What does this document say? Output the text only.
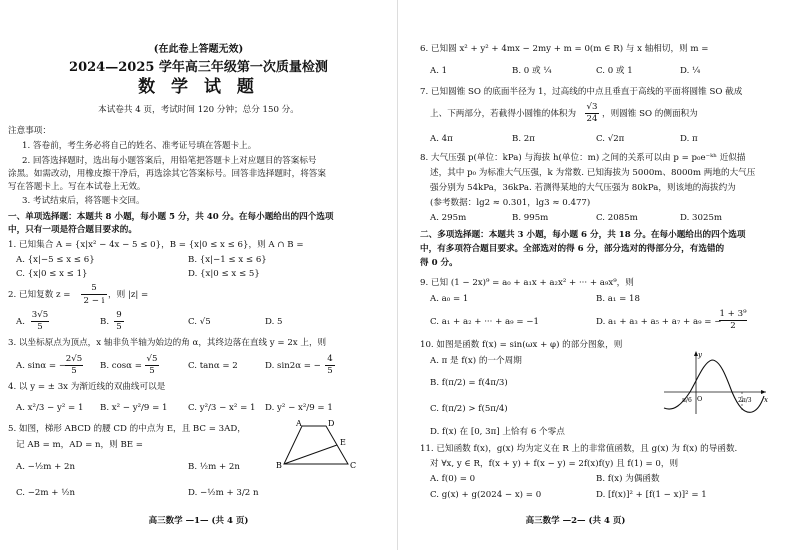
(在此卷上答题无效)
2024—2025 学年高三年级第一次质量检测
数 学 试 题
本试卷共 4 页，考试时间 120 分钟；总分 150 分。
注意事项：
1. 答卷前，考生务必将自己的姓名、准考证号填在答题卡上。
2. 回答选择题时，选出每小题答案后，用铅笔把答题卡上对应题目的答案标号
涂黑。如需改动，用橡皮擦干净后，再选涂其它答案标号。回答非选择题时，将答案
写在答题卡上。写在本试卷上无效。
3. 考试结束后，将答题卡交回。
一、单项选择题：本题共 8 小题，每小题 5 分，共 40 分。在每小题给出的四个选项
中，只有一项是符合题目要求的。
1. 已知集合 A = {x|x² − 4x − 5 ≤ 0}，B = {x|0 ≤ x ≤ 6}，则 A ∩ B =
A. {x|−5 ≤ x ≤ 6}	B. {x|−1 ≤ x ≤ 6}
C. {x|0 ≤ x ≤ 1}	D. {x|0 ≤ x ≤ 5}
2. 已知复数 z =
5
2 − i
，则 |z| =
A.
3√5
5	B.
9
5	C. √5	D. 5
3. 以坐标原点为顶点，x 轴非负半轴为始边的角 α，其终边落在直线 y = 2x 上，则
A. sinα = −
2√5
5	B. cosα =
√5
5	C. tanα = 2	D. sin2α = −
4
5
4. 以 y = ± 3x 为渐近线的双曲线可以是
A. x²/3 − y² = 1 B. x² − y²/9 = 1 C. y²/3 − x² = 1 D. y² − x²/9 = 1
5. 如图，梯形 ABCD 的腰 CD 的中点为 E，且 BC = 3AD，
记 AB = m，AD = n，则 BE =
A. −½m + 2n	B. ½m + 2n
C. −2m + ½n	D. −½m + 3/2 n
A	D
E
B	C
高三数学 —1— (共 4 页)
6. 已知圆 x² + y² + 4mx − 2my + m = 0(m ∈ R) 与 x 轴相切，则 m =
A. 1	B. 0 或 ¼	C. 0 或 1	D. ¼
7. 已知圆锥 SO 的底面半径为 1，过高线的中点且垂直于高线的平面将圆锥 SO 截成
上、下两部分，若截得小圆锥的体积为
√3
24 ，则圆锥 SO 的侧面积为
A. 4π	B. 2π	C. √2π	D. π
8. 大气压强 p(单位：kPa) 与海拔 h(单位：m) 之间的关系可以由 p = p₀e⁻ᵏʰ 近似描
述，其中 p₀ 为标准大气压强，k 为常数. 已知海拔为 5000m、8000m 两地的大气压
强分别为 54kPa，36kPa. 若测得某地的大气压强为 80kPa，则该地的海拔约为
(参考数据：lg2 ≈ 0.301，lg3 ≈ 0.477)
A. 295m	B. 995m	C. 2085m	D. 3025m
二、多项选择题：本题共 3 小题，每小题 6 分，共 18 分。在每小题给出的四个选项
中，有多项符合题目要求。全部选对的得 6 分，部分选对的得部分分，有选错的
得 0 分。
9. 已知 (1 − 2x)⁹ = a₀ + a₁x + a₂x² + ··· + a₉x⁹，则
A. a₀ = 1	B. a₁ = 18
C. a₁ + a₂ + ··· + a₉ = −1	D. a₁ + a₃ + a₅ + a₇ + a₉ = −
1 + 3⁹
2
10. 如图是函数 f(x) = sin(ωx + φ) 的部分图象，则
A. π 是 f(x) 的一个周期
B. f(π/2) = f(4π/3)
C. f(π/2) > f(5π/4)
D. f(x) 在 [0, 3π] 上恰有 6 个零点
y
x
O
π/6	2π/3
11. 已知函数 f(x)，g(x) 均为定义在 R 上的非常值函数，且 g(x) 为 f(x) 的导函数.
对 ∀x, y ∈ R，f(x + y) + f(x − y) = 2f(x)f(y) 且 f(1) = 0，则
A. f(0) = 0	B. f(x) 为偶函数
C. g(x) + g(2024 − x) = 0	D. [f(x)]² + [f(1 − x)]² = 1
高三数学 —2— (共 4 页)
